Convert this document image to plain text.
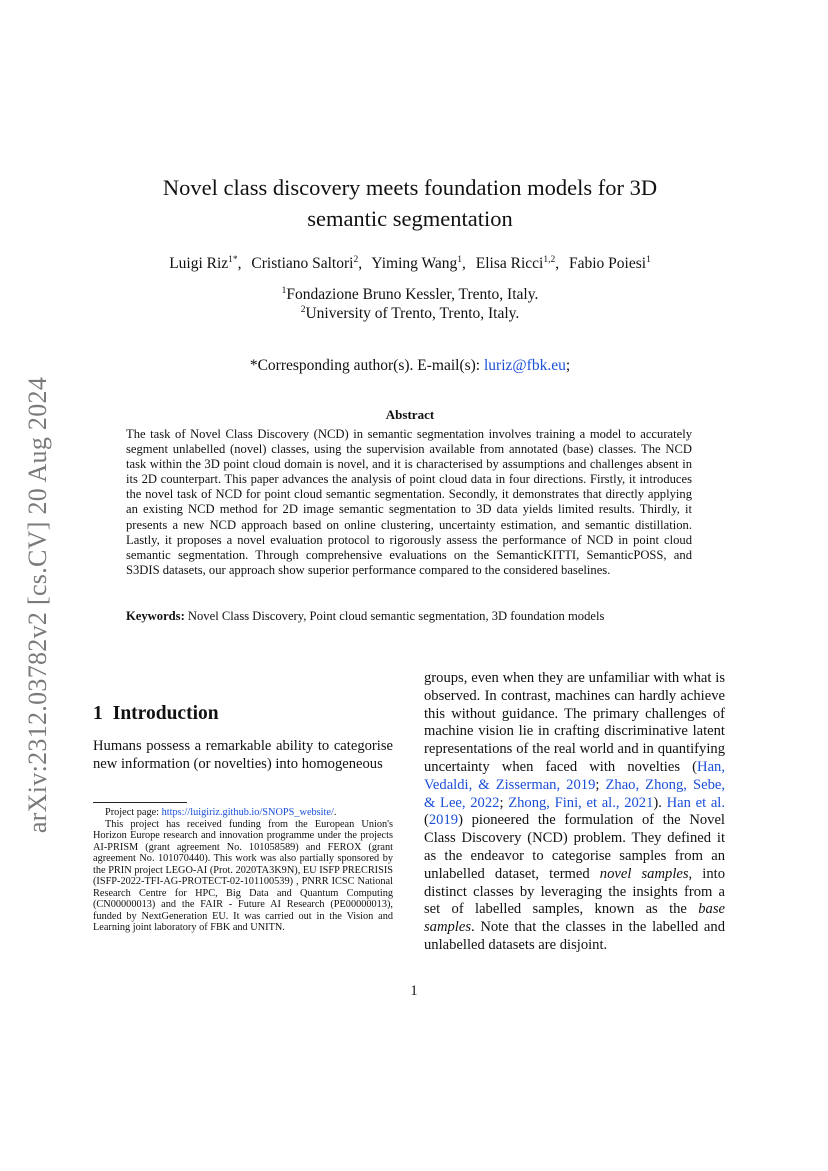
arXiv:2312.03782v2 [cs.CV] 20 Aug 2024
Novel class discovery meets foundation models for 3D
semantic segmentation
Luigi Riz$^{1*}$, Cristiano Saltori$^2$, Yiming Wang$^1$, Elisa Ricci$^{1,2}$, Fabio Poiesi$^1$
$^1$Fondazione Bruno Kessler, Trento, Italy.
$^2$University of Trento, Trento, Italy.
*Corresponding author(s). E-mail(s): luriz@fbk.eu;
Abstract
The task of Novel Class Discovery (NCD) in semantic segmentation involves training a model to accurately segment unlabelled (novel) classes, using the supervision available from annotated (base) classes. The NCD task within the 3D point cloud domain is novel, and it is characterised by assumptions and challenges absent in its 2D counterpart. This paper advances the analysis of point cloud data in four directions. Firstly, it introduces the novel task of NCD for point cloud semantic segmentation. Secondly, it demonstrates that directly applying an existing NCD method for 2D image semantic segmentation to 3D data yields limited results. Thirdly, it presents a new NCD approach based on online clustering, uncertainty estimation, and semantic distillation. Lastly, it proposes a novel evaluation protocol to rigorously assess the performance of NCD in point cloud semantic segmentation. Through comprehensive evaluations on the SemanticKITTI, SemanticPOSS, and S3DIS datasets, our approach show superior performance compared to the considered baselines.
Keywords: Novel Class Discovery, Point cloud semantic segmentation, 3D foundation models
1 Introduction
Humans possess a remarkable ability to categorise new information (or novelties) into homogeneous

Project page: https://luigiriz.github.io/SNOPS_website/.

This project has received funding from the European Union's Horizon Europe research and innovation programme under the projects AI-PRISM (grant agreement No. 101058589) and FEROX (grant agreement No. 101070440). This work was also partially sponsored by the PRIN project LEGO-AI (Prot. 2020TA3K9N), EU ISFP PRECRISIS (ISFP-2022-TFI-AG-PROTECT-02-101100539) , PNRR ICSC National Research Centre for HPC, Big Data and Quantum Computing (CN00000013) and the FAIR - Future AI Research (PE00000013), funded by NextGeneration EU. It was carried out in the Vision and Learning joint laboratory of FBK and UNITN.

groups, even when they are unfamiliar with what is observed. In contrast, machines can hardly achieve this without guidance. The primary challenges of machine vision lie in crafting discriminative latent representations of the real world and in quantifying uncertainty when faced with novelties (Han, Vedaldi, & Zisserman, 2019; Zhao, Zhong, Sebe, & Lee, 2022; Zhong, Fini, et al., 2021). Han et al. (2019) pioneered the formulation of the Novel Class Discovery (NCD) problem. They defined it as the endeavor to categorise samples from an unlabelled dataset, termed novel samples, into distinct classes by leveraging the insights from a set of labelled samples, known as the base samples. Note that the classes in the labelled and unlabelled datasets are disjoint.
1
